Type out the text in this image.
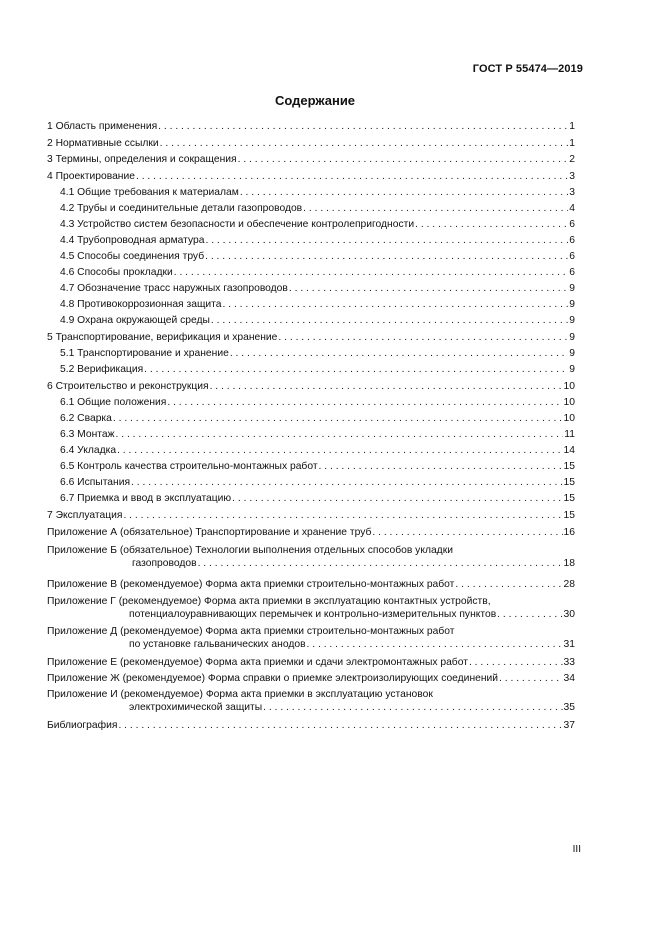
ГОСТ Р 55474—2019
Содержание
1 Область применения . . .	1
2 Нормативные ссылки . . .	1
3 Термины, определения и сокращения . . .	2
4 Проектирование . . .	3
4.1 Общие требования к материалам . . .	3
4.2 Трубы и соединительные детали газопроводов . . .	4
4.3 Устройство систем безопасности и обеспечение контролепригодности . . .	6
4.4 Трубопроводная арматура . . .	6
4.5 Способы соединения труб . . .	6
4.6 Способы прокладки . . .	6
4.7 Обозначение трасс наружных газопроводов . . .	9
4.8 Противокоррозионная защита . . .	9
4.9 Охрана окружающей среды . . .	9
5 Транспортирование, верификация и хранение . . .	9
5.1 Транспортирование и хранение . . .	9
5.2 Верификация . . .	9
6 Строительство и реконструкция . . .	10
6.1 Общие положения . . .	10
6.2 Сварка . . .	10
6.3 Монтаж . . .	11
6.4 Укладка . . .	14
6.5 Контроль качества строительно-монтажных работ . . .	15
6.6 Испытания . . .	15
6.7 Приемка и ввод в эксплуатацию . . .	15
7 Эксплуатация . . .	15
Приложение А (обязательное) Транспортирование и хранение труб . . .	16
Приложение Б (обязательное) Технологии выполнения отдельных способов укладки
газопроводов . . .	18
Приложение В (рекомендуемое) Форма акта приемки строительно-монтажных работ . . .	28
Приложение Г (рекомендуемое) Форма акта приемки в эксплуатацию контактных устройств,
потенциалоуравнивающих перемычек и контрольно-измерительных пунктов . . .	30
Приложение Д (рекомендуемое) Форма акта приемки строительно-монтажных работ
по установке гальванических анодов . . .	31
Приложение Е (рекомендуемое) Форма акта приемки и сдачи электромонтажных работ . . .	33
Приложение Ж (рекомендуемое) Форма справки о приемке электроизолирующих соединений . . .	34
Приложение И (рекомендуемое) Форма акта приемки в эксплуатацию установок
электрохимической защиты . . .	35
Библиография . . .	37
III
